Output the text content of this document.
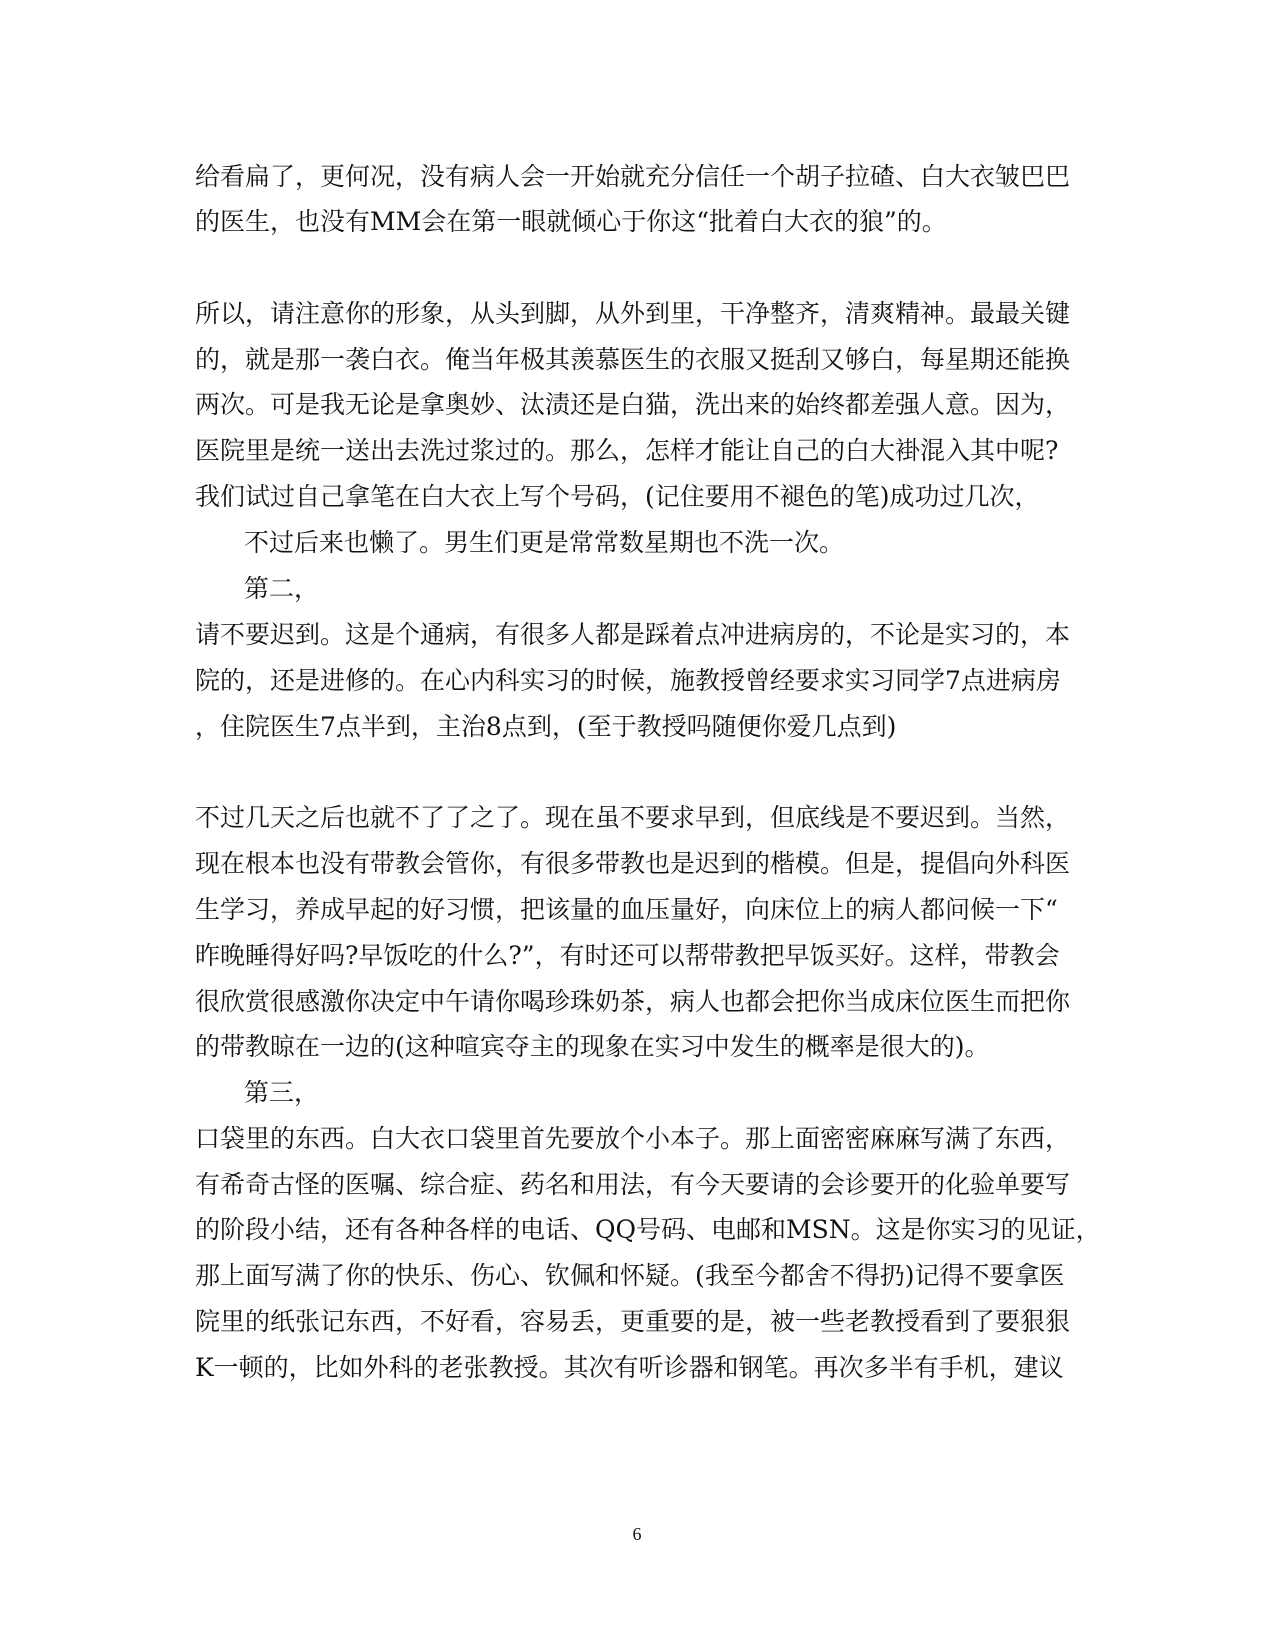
给看扁了，更何况，没有病人会一开始就充分信任一个胡子拉碴、白大衣皱巴巴
的医生，也没有MM会在第一眼就倾心于你这“批着白大衣的狼”的。
所以，请注意你的形象，从头到脚，从外到里，干净整齐，清爽精神。最最关键
的，就是那一袭白衣。俺当年极其羡慕医生的衣服又挺刮又够白，每星期还能换
两次。可是我无论是拿奥妙、汰渍还是白猫，洗出来的始终都差强人意。因为，
医院里是统一送出去洗过浆过的。那么，怎样才能让自己的白大褂混入其中呢?
我们试过自己拿笔在白大衣上写个号码，(记住要用不褪色的笔)成功过几次，
不过后来也懒了。男生们更是常常数星期也不洗一次。
第二，
请不要迟到。这是个通病，有很多人都是踩着点冲进病房的，不论是实习的，本
院的，还是进修的。在心内科实习的时候，施教授曾经要求实习同学7点进病房
，住院医生7点半到，主治8点到，(至于教授吗随便你爱几点到)
不过几天之后也就不了了之了。现在虽不要求早到，但底线是不要迟到。当然，
现在根本也没有带教会管你，有很多带教也是迟到的楷模。但是，提倡向外科医
生学习，养成早起的好习惯，把该量的血压量好，向床位上的病人都问候一下“
昨晚睡得好吗?早饭吃的什么?”，有时还可以帮带教把早饭买好。这样，带教会
很欣赏很感激你决定中午请你喝珍珠奶茶，病人也都会把你当成床位医生而把你
的带教晾在一边的(这种喧宾夺主的现象在实习中发生的概率是很大的)。
第三，
口袋里的东西。白大衣口袋里首先要放个小本子。那上面密密麻麻写满了东西，
有希奇古怪的医嘱、综合症、药名和用法，有今天要请的会诊要开的化验单要写
的阶段小结，还有各种各样的电话、QQ号码、电邮和MSN。这是你实习的见证，
那上面写满了你的快乐、伤心、钦佩和怀疑。(我至今都舍不得扔)记得不要拿医
院里的纸张记东西，不好看，容易丢，更重要的是，被一些老教授看到了要狠狠
K一顿的，比如外科的老张教授。其次有听诊器和钢笔。再次多半有手机，建议
6
